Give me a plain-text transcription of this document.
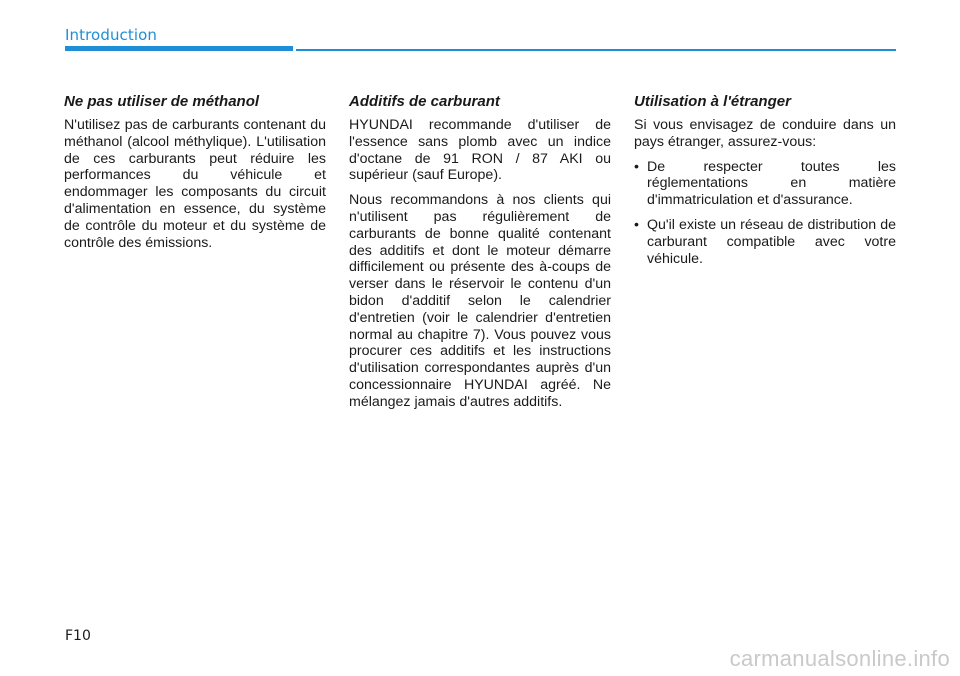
Introduction
Ne pas utiliser de méthanol

N'utilisez pas de carburants contenant du méthanol (alcool méthylique). L'utilisation de ces carburants peut réduire les performances du véhicule et endommager les composants du circuit d'alimentation en essence, du système de contrôle du moteur et du système de contrôle des émissions.

Additifs de carburant

HYUNDAI recommande d'utiliser de l'essence sans plomb avec un indice d'octane de 91 RON / 87 AKI ou supérieur (sauf Europe).

Nous recommandons à nos clients qui n'utilisent pas régulièrement de carburants de bonne qualité contenant des additifs et dont le moteur démarre difficilement ou présente des à-coups de verser dans le réservoir le contenu d'un bidon d'additif selon le calendrier d'entretien (voir le calendrier d'entretien normal au chapitre 7). Vous pouvez vous procurer ces additifs et les instructions d'utilisation correspondantes auprès d'un concessionnaire HYUNDAI agréé. Ne mélangez jamais d'autres additifs.

Utilisation à l'étranger

Si vous envisagez de conduire dans un pays étranger, assurez-vous:

• De respecter toutes les réglementations en matière d'immatriculation et d'assurance.
• Qu'il existe un réseau de distribution de carburant compatible avec votre véhicule.
F10
carmanualsonline.info
